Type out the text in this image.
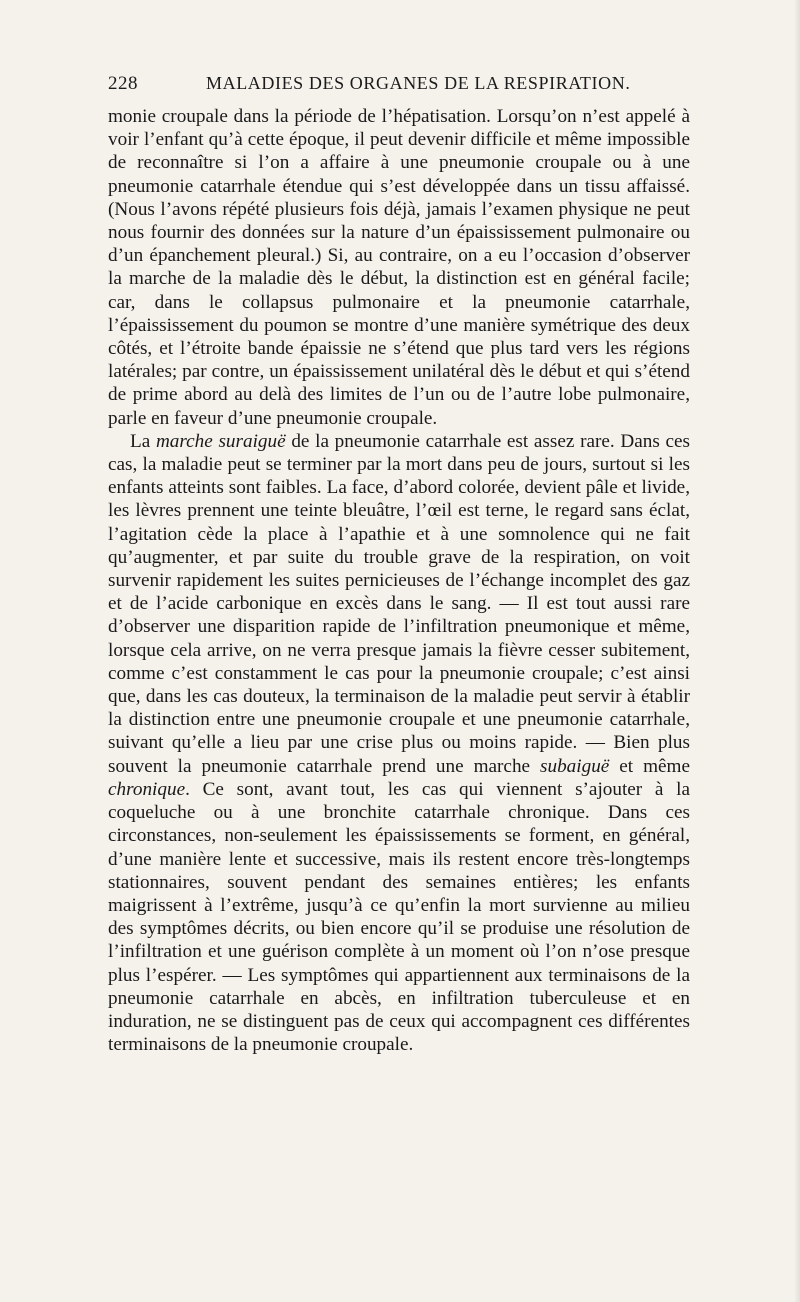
228	MALADIES DES ORGANES DE LA RESPIRATION.

monie croupale dans la période de l’hépatisation. Lorsqu’on n’est appelé à voir l’enfant qu’à cette époque, il peut devenir difficile et même impossible de reconnaître si l’on a affaire à une pneumonie croupale ou à une pneumonie catarrhale étendue qui s’est développée dans un tissu affaissé. (Nous l’avons répété plusieurs fois déjà, jamais l’examen physique ne peut nous fournir des données sur la nature d’un épaississement pulmonaire ou d’un épanchement pleural.) Si, au contraire, on a eu l’occasion d’observer la marche de la maladie dès le début, la distinction est en général facile; car, dans le collapsus pulmonaire et la pneumonie catarrhale, l’épaississement du poumon se montre d’une manière symétrique des deux côtés, et l’étroite bande épaissie ne s’étend que plus tard vers les régions latérales; par contre, un épaississement unilatéral dès le début et qui s’étend de prime abord au delà des limites de l’un ou de l’autre lobe pulmonaire, parle en faveur d’une pneumonie croupale.

La marche suraiguë de la pneumonie catarrhale est assez rare. Dans ces cas, la maladie peut se terminer par la mort dans peu de jours, surtout si les enfants atteints sont faibles. La face, d’abord colorée, devient pâle et livide, les lèvres prennent une teinte bleuâtre, l’œil est terne, le regard sans éclat, l’agitation cède la place à l’apathie et à une somnolence qui ne fait qu’augmenter, et par suite du trouble grave de la respiration, on voit survenir rapidement les suites pernicieuses de l’échange incomplet des gaz et de l’acide carbonique en excès dans le sang. — Il est tout aussi rare d’observer une disparition rapide de l’infiltration pneumonique et même, lorsque cela arrive, on ne verra presque jamais la fièvre cesser subitement, comme c’est constamment le cas pour la pneumonie croupale; c’est ainsi que, dans les cas douteux, la terminaison de la maladie peut servir à établir la distinction entre une pneumonie croupale et une pneumonie catarrhale, suivant qu’elle a lieu par une crise plus ou moins rapide. — Bien plus souvent la pneumonie catarrhale prend une marche subaiguë et même chronique. Ce sont, avant tout, les cas qui viennent s’ajouter à la coqueluche ou à une bronchite catarrhale chronique. Dans ces circonstances, non-seulement les épaississements se forment, en général, d’une manière lente et successive, mais ils restent encore très-longtemps stationnaires, souvent pendant des semaines entières; les enfants maigrissent à l’extrême, jusqu’à ce qu’enfin la mort survienne au milieu des symptômes décrits, ou bien encore qu’il se produise une résolution de l’infiltration et une guérison complète à un moment où l’on n’ose presque plus l’espérer. — Les symptômes qui appartiennent aux terminaisons de la pneumonie catarrhale en abcès, en infiltration tuberculeuse et en induration, ne se distinguent pas de ceux qui accompagnent ces différentes terminaisons de la pneumonie croupale.
